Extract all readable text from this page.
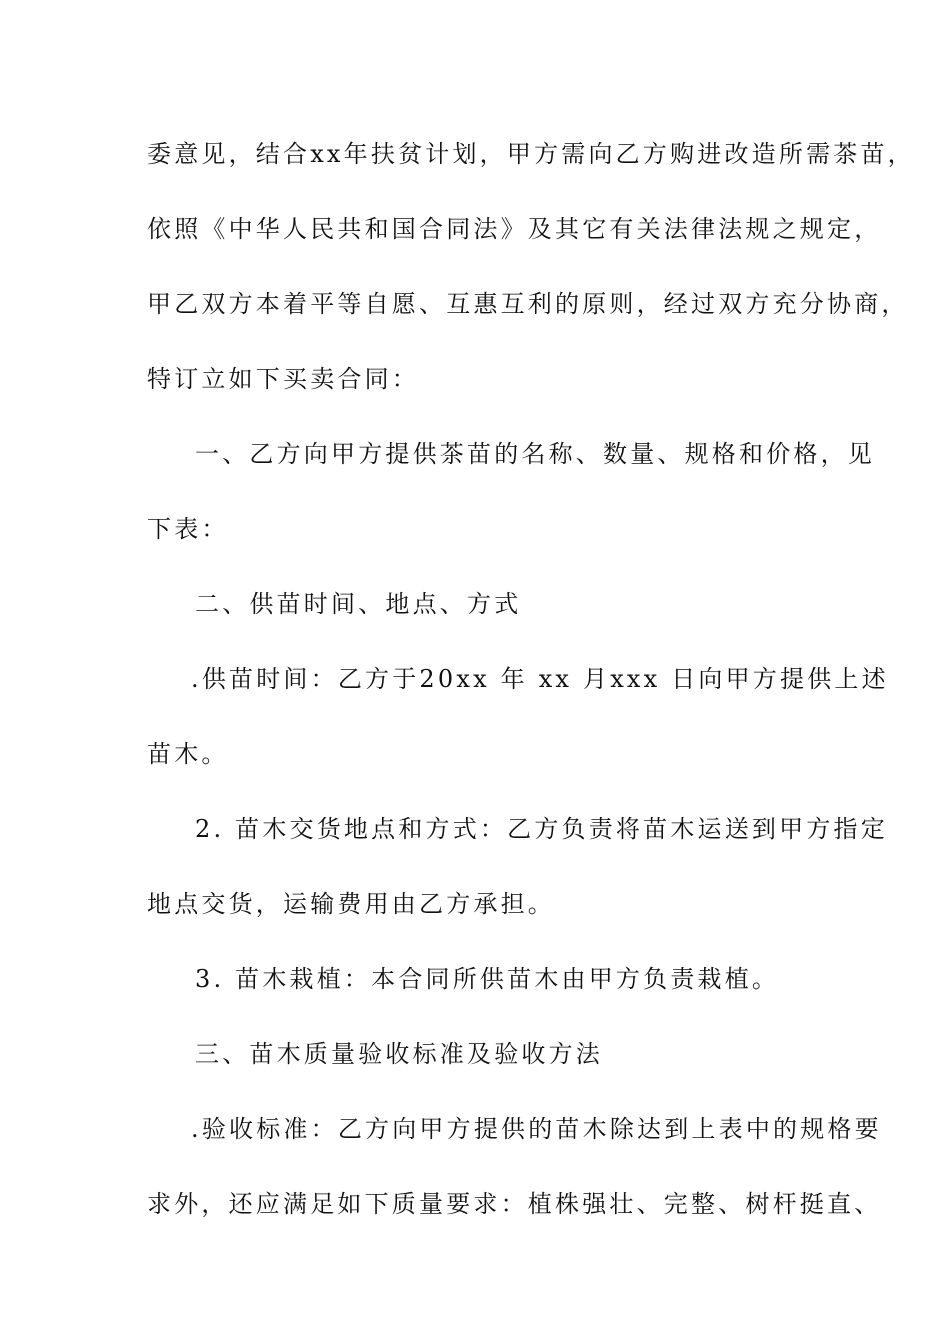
委意见，结合xx年扶贫计划，甲方需向乙方购进改造所需茶苗，
依照《中华人民共和国合同法》及其它有关法律法规之规定，
甲乙双方本着平等自愿、互惠互利的原则，经过双方充分协商，
特订立如下买卖合同：
一、乙方向甲方提供茶苗的名称、数量、规格和价格，见
下表：
二、供苗时间、地点、方式
.供苗时间：乙方于20xx 年 xx 月xxx 日向甲方提供上述
苗木。
2. 苗木交货地点和方式：乙方负责将苗木运送到甲方指定
地点交货，运输费用由乙方承担。
3. 苗木栽植：本合同所供苗木由甲方负责栽植。
三、苗木质量验收标准及验收方法
.验收标准：乙方向甲方提供的苗木除达到上表中的规格要
求外，还应满足如下质量要求：植株强壮、完整、树杆挺直、
